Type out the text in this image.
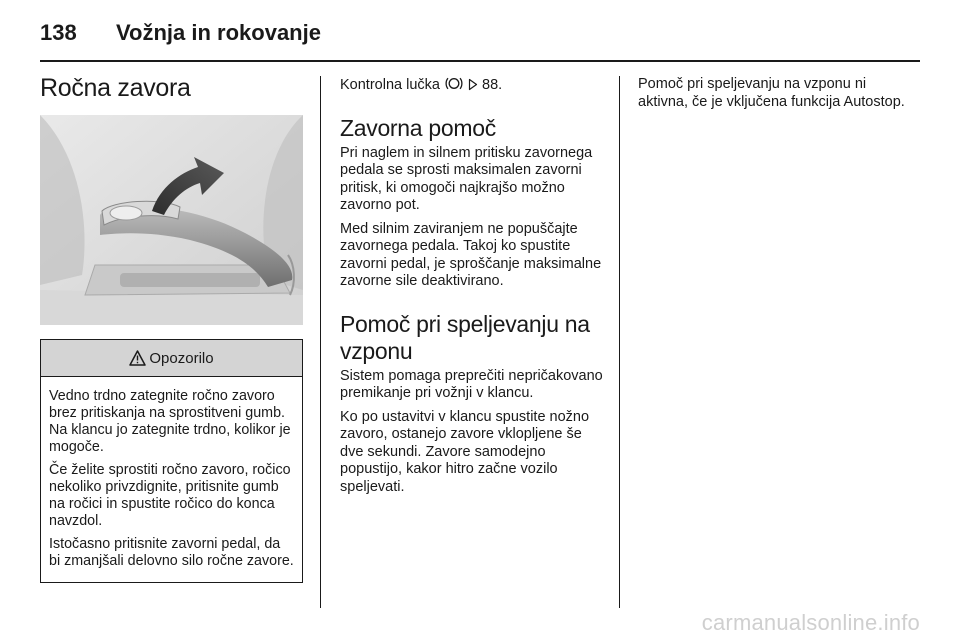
138 Vožnja in rokovanje
Ročna zavora
Opozorilo

Vedno trdno zategnite ročno zavoro brez pritiskanja na sprostitveni gumb. Na klancu jo zategnite trdno, kolikor je mogoče.

Če želite sprostiti ročno zavoro, ročico nekoliko privzdignite, pritisnite gumb na ročici in spustite ročico do konca navzdol.

Istočasno pritisnite zavorni pedal, da bi zmanjšali delovno silo ročne zavore.

Kontrolna lučka	88.

Zavorna pomoč

Pri naglem in silnem pritisku zavornega pedala se sprosti maksimalen zavorni pritisk, ki omogoči najkrajšo možno zavorno pot.

Med silnim zaviranjem ne popuščajte zavornega pedala. Takoj ko spustite zavorni pedal, je sproščanje maksimalne zavorne sile deaktivirano.

Pomoč pri speljevanju na vzponu

Sistem pomaga preprečiti nepričakovano premikanje pri vožnji v klancu.

Ko po ustavitvi v klancu spustite nožno zavoro, ostanejo zavore vklopljene še dve sekundi. Zavore samodejno popustijo, kakor hitro začne vozilo speljevati.

Pomoč pri speljevanju na vzponu ni aktivna, če je vključena funkcija Autostop.

carmanualsonline.info
